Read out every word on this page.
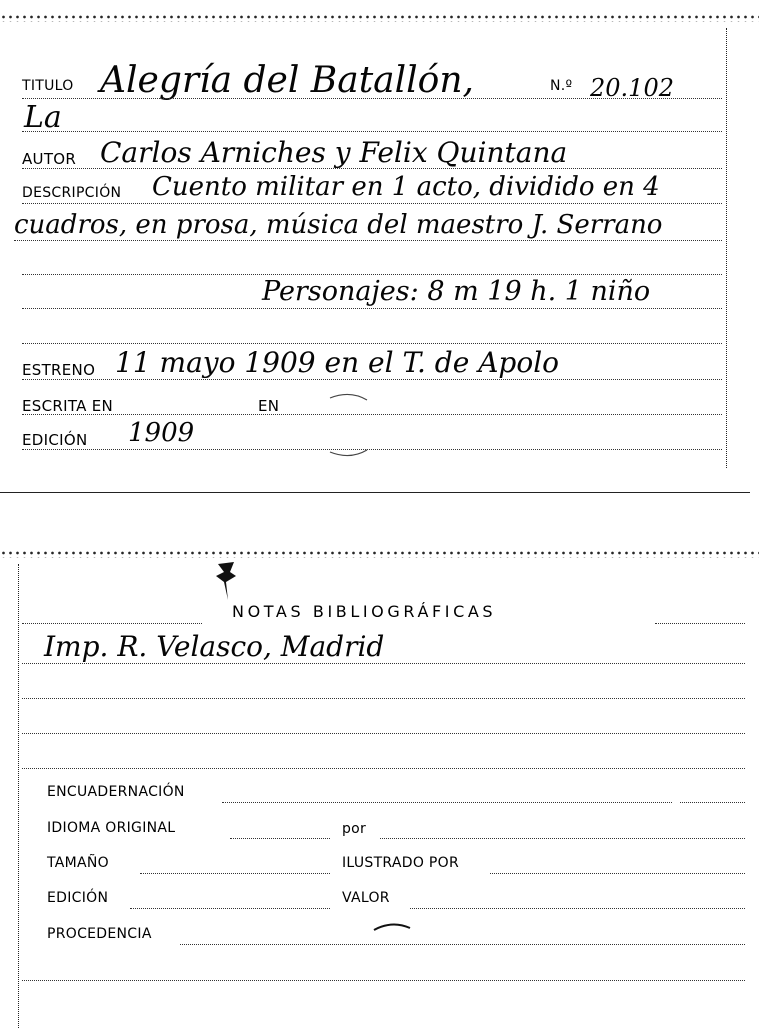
TITULO Alegría del Batallón,	N.º 20.102
La
AUTOR Carlos Arniches y Felix Quintana
DESCRIPCIÓN Cuento militar en 1 acto, dividido en 4
cuadros, en prosa, música del maestro J. Serrano
Personajes: 8 m 19 h. 1 niño
ESTRENO 11 mayo 1909 en el T. de Apolo
ESCRITA EN	EN
EDICIÓN 1909
NOTAS BIBLIOGRÁFICAS
Imp. R. Velasco, Madrid
ENCUADERNACIÓN
IDIOMA ORIGINAL	por
TAMAÑO	ILUSTRADO POR
EDICIÓN	VALOR
PROCEDENCIA
